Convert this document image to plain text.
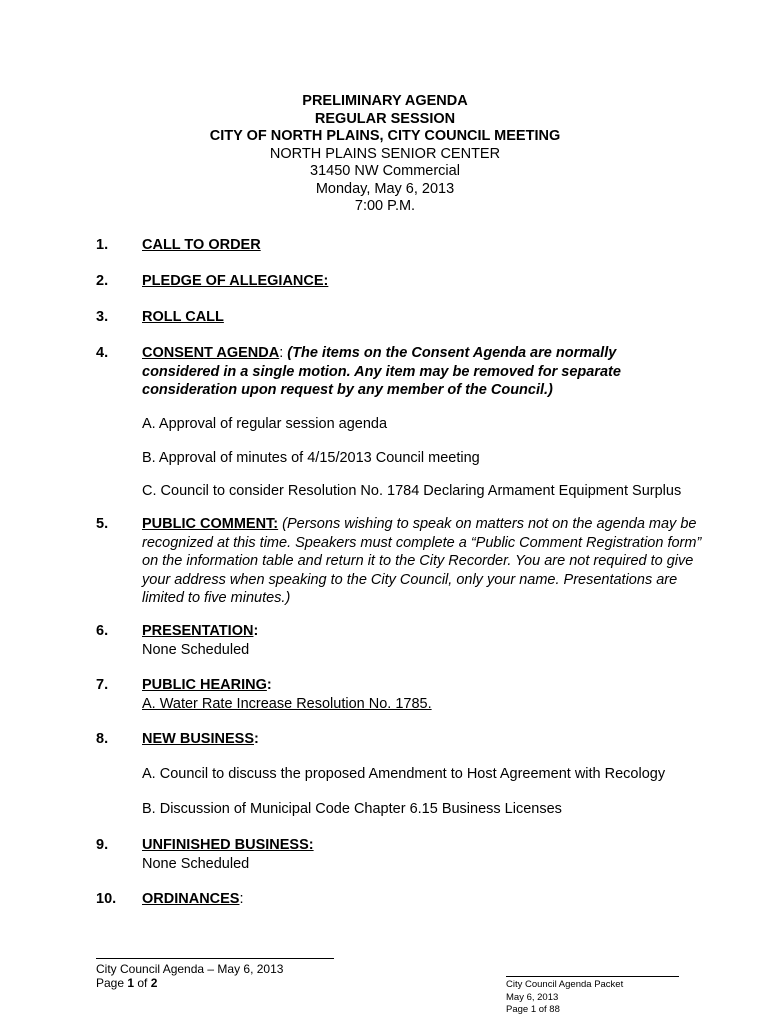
PRELIMINARY AGENDA
REGULAR SESSION
CITY OF NORTH PLAINS, CITY COUNCIL MEETING
NORTH PLAINS SENIOR CENTER
31450 NW Commercial
Monday, May 6, 2013
7:00 P.M.
1. CALL TO ORDER
2. PLEDGE OF ALLEGIANCE:
3. ROLL CALL
4. CONSENT AGENDA: (The items on the Consent Agenda are normally considered in a single motion. Any item may be removed for separate consideration upon request by any member of the Council.)
A. Approval of regular session agenda
B. Approval of minutes of 4/15/2013 Council meeting
C. Council to consider Resolution No. 1784 Declaring Armament Equipment Surplus
5. PUBLIC COMMENT: (Persons wishing to speak on matters not on the agenda may be recognized at this time. Speakers must complete a “Public Comment Registration form” on the information table and return it to the City Recorder. You are not required to give your address when speaking to the City Council, only your name. Presentations are limited to five minutes.)
6. PRESENTATION:
None Scheduled
7. PUBLIC HEARING:
A. Water Rate Increase Resolution No. 1785.
8. NEW BUSINESS:
A. Council to discuss the proposed Amendment to Host Agreement with Recology
B. Discussion of Municipal Code Chapter 6.15 Business Licenses
9. UNFINISHED BUSINESS:
None Scheduled
10. ORDINANCES:
City Council Agenda – May 6, 2013
Page 1 of 2	City Council Agenda Packet
May 6, 2013
Page 1 of 88
